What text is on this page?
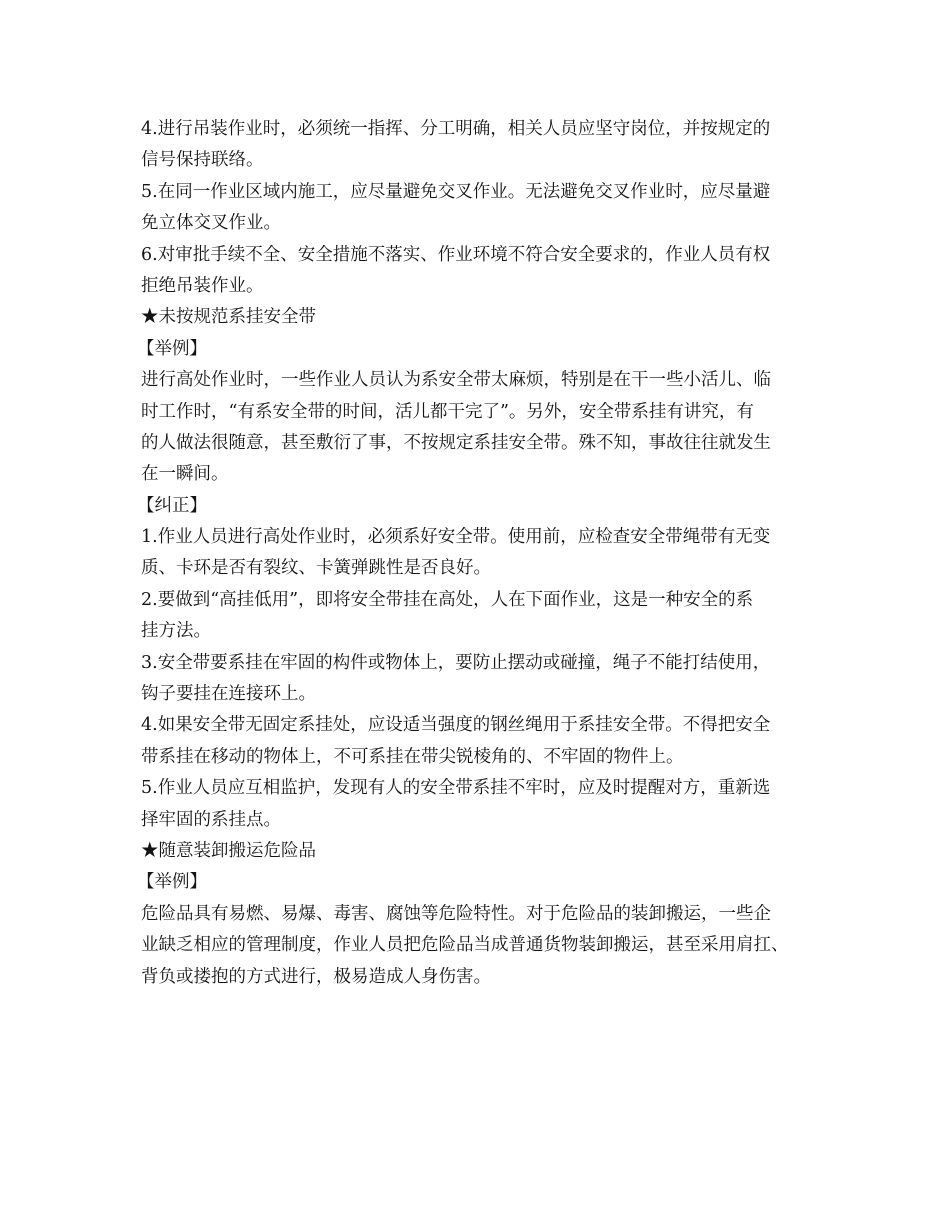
4.进行吊装作业时，必须统一指挥、分工明确，相关人员应坚守岗位，并按规定的
信号保持联络。
5.在同一作业区域内施工，应尽量避免交叉作业。无法避免交叉作业时，应尽量避
免立体交叉作业。
6.对审批手续不全、安全措施不落实、作业环境不符合安全要求的，作业人员有权
拒绝吊装作业。
★未按规范系挂安全带
【举例】
进行高处作业时，一些作业人员认为系安全带太麻烦，特别是在干一些小活儿、临
时工作时，“有系安全带的时间，活儿都干完了”。另外，安全带系挂有讲究，有
的人做法很随意，甚至敷衍了事，不按规定系挂安全带。殊不知，事故往往就发生
在一瞬间。
【纠正】
1.作业人员进行高处作业时，必须系好安全带。使用前，应检查安全带绳带有无变
质、卡环是否有裂纹、卡簧弹跳性是否良好。
2.要做到“高挂低用”，即将安全带挂在高处，人在下面作业，这是一种安全的系
挂方法。
3.安全带要系挂在牢固的构件或物体上，要防止摆动或碰撞，绳子不能打结使用，
钩子要挂在连接环上。
4.如果安全带无固定系挂处，应设适当强度的钢丝绳用于系挂安全带。不得把安全
带系挂在移动的物体上，不可系挂在带尖锐棱角的、不牢固的物件上。
5.作业人员应互相监护，发现有人的安全带系挂不牢时，应及时提醒对方，重新选
择牢固的系挂点。
★随意装卸搬运危险品
【举例】
危险品具有易燃、易爆、毒害、腐蚀等危险特性。对于危险品的装卸搬运，一些企
业缺乏相应的管理制度，作业人员把危险品当成普通货物装卸搬运，甚至采用肩扛、
背负或搂抱的方式进行，极易造成人身伤害。
